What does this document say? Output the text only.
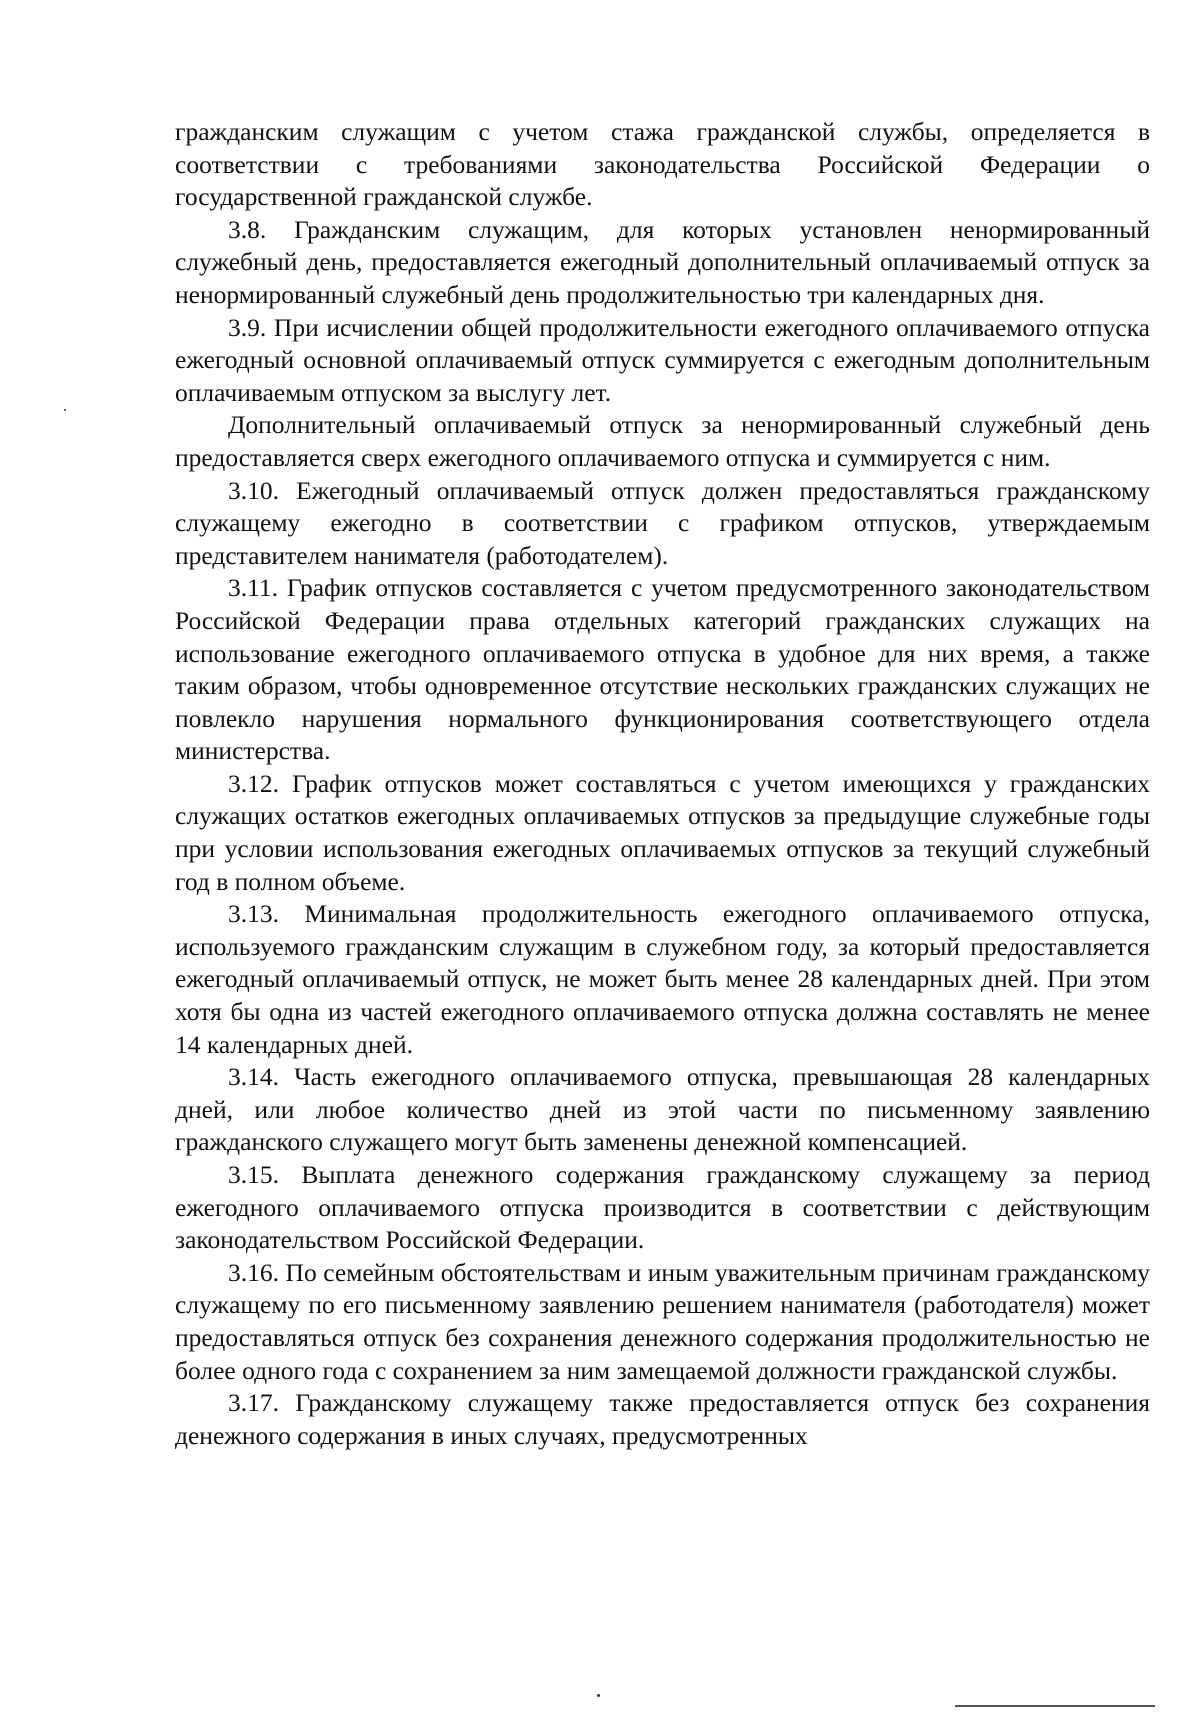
гражданским служащим с учетом стажа гражданской службы, определяется в соответствии с требованиями законодательства Российской Федерации о государственной гражданской службе.

3.8. Гражданским служащим, для которых установлен ненормированный служебный день, предоставляется ежегодный дополнительный оплачиваемый отпуск за ненормированный служебный день продолжительностью три календарных дня.

3.9. При исчислении общей продолжительности ежегодного оплачиваемого отпуска ежегодный основной оплачиваемый отпуск суммируется с ежегодным дополнительным оплачиваемым отпуском за выслугу лет.

Дополнительный оплачиваемый отпуск за ненормированный служебный день предоставляется сверх ежегодного оплачиваемого отпуска и суммируется с ним.

3.10. Ежегодный оплачиваемый отпуск должен предоставляться гражданскому служащему ежегодно в соответствии с графиком отпусков, утверждаемым представителем нанимателя (работодателем).

3.11. График отпусков составляется с учетом предусмотренного законодательством Российской Федерации права отдельных категорий гражданских служащих на использование ежегодного оплачиваемого отпуска в удобное для них время, а также таким образом, чтобы одновременное отсутствие нескольких гражданских служащих не повлекло нарушения нормального функционирования соответствующего отдела министерства.

3.12. График отпусков может составляться с учетом имеющихся у гражданских служащих остатков ежегодных оплачиваемых отпусков за предыдущие служебные годы при условии использования ежегодных оплачиваемых отпусков за текущий служебный год в полном объеме.

3.13. Минимальная продолжительность ежегодного оплачиваемого отпуска, используемого гражданским служащим в служебном году, за который предоставляется ежегодный оплачиваемый отпуск, не может быть менее 28 календарных дней. При этом хотя бы одна из частей ежегодного оплачиваемого отпуска должна составлять не менее 14 календарных дней.

3.14. Часть ежегодного оплачиваемого отпуска, превышающая 28 календарных дней, или любое количество дней из этой части по письменному заявлению гражданского служащего могут быть заменены денежной компенсацией.

3.15. Выплата денежного содержания гражданскому служащему за период ежегодного оплачиваемого отпуска производится в соответствии с действующим законодательством Российской Федерации.

3.16. По семейным обстоятельствам и иным уважительным причинам гражданскому служащему по его письменному заявлению решением нанимателя (работодателя) может предоставляться отпуск без сохранения денежного содержания продолжительностью не более одного года с сохранением за ним замещаемой должности гражданской службы.

3.17. Гражданскому служащему также предоставляется отпуск без сохранения денежного содержания в иных случаях, предусмотренных
